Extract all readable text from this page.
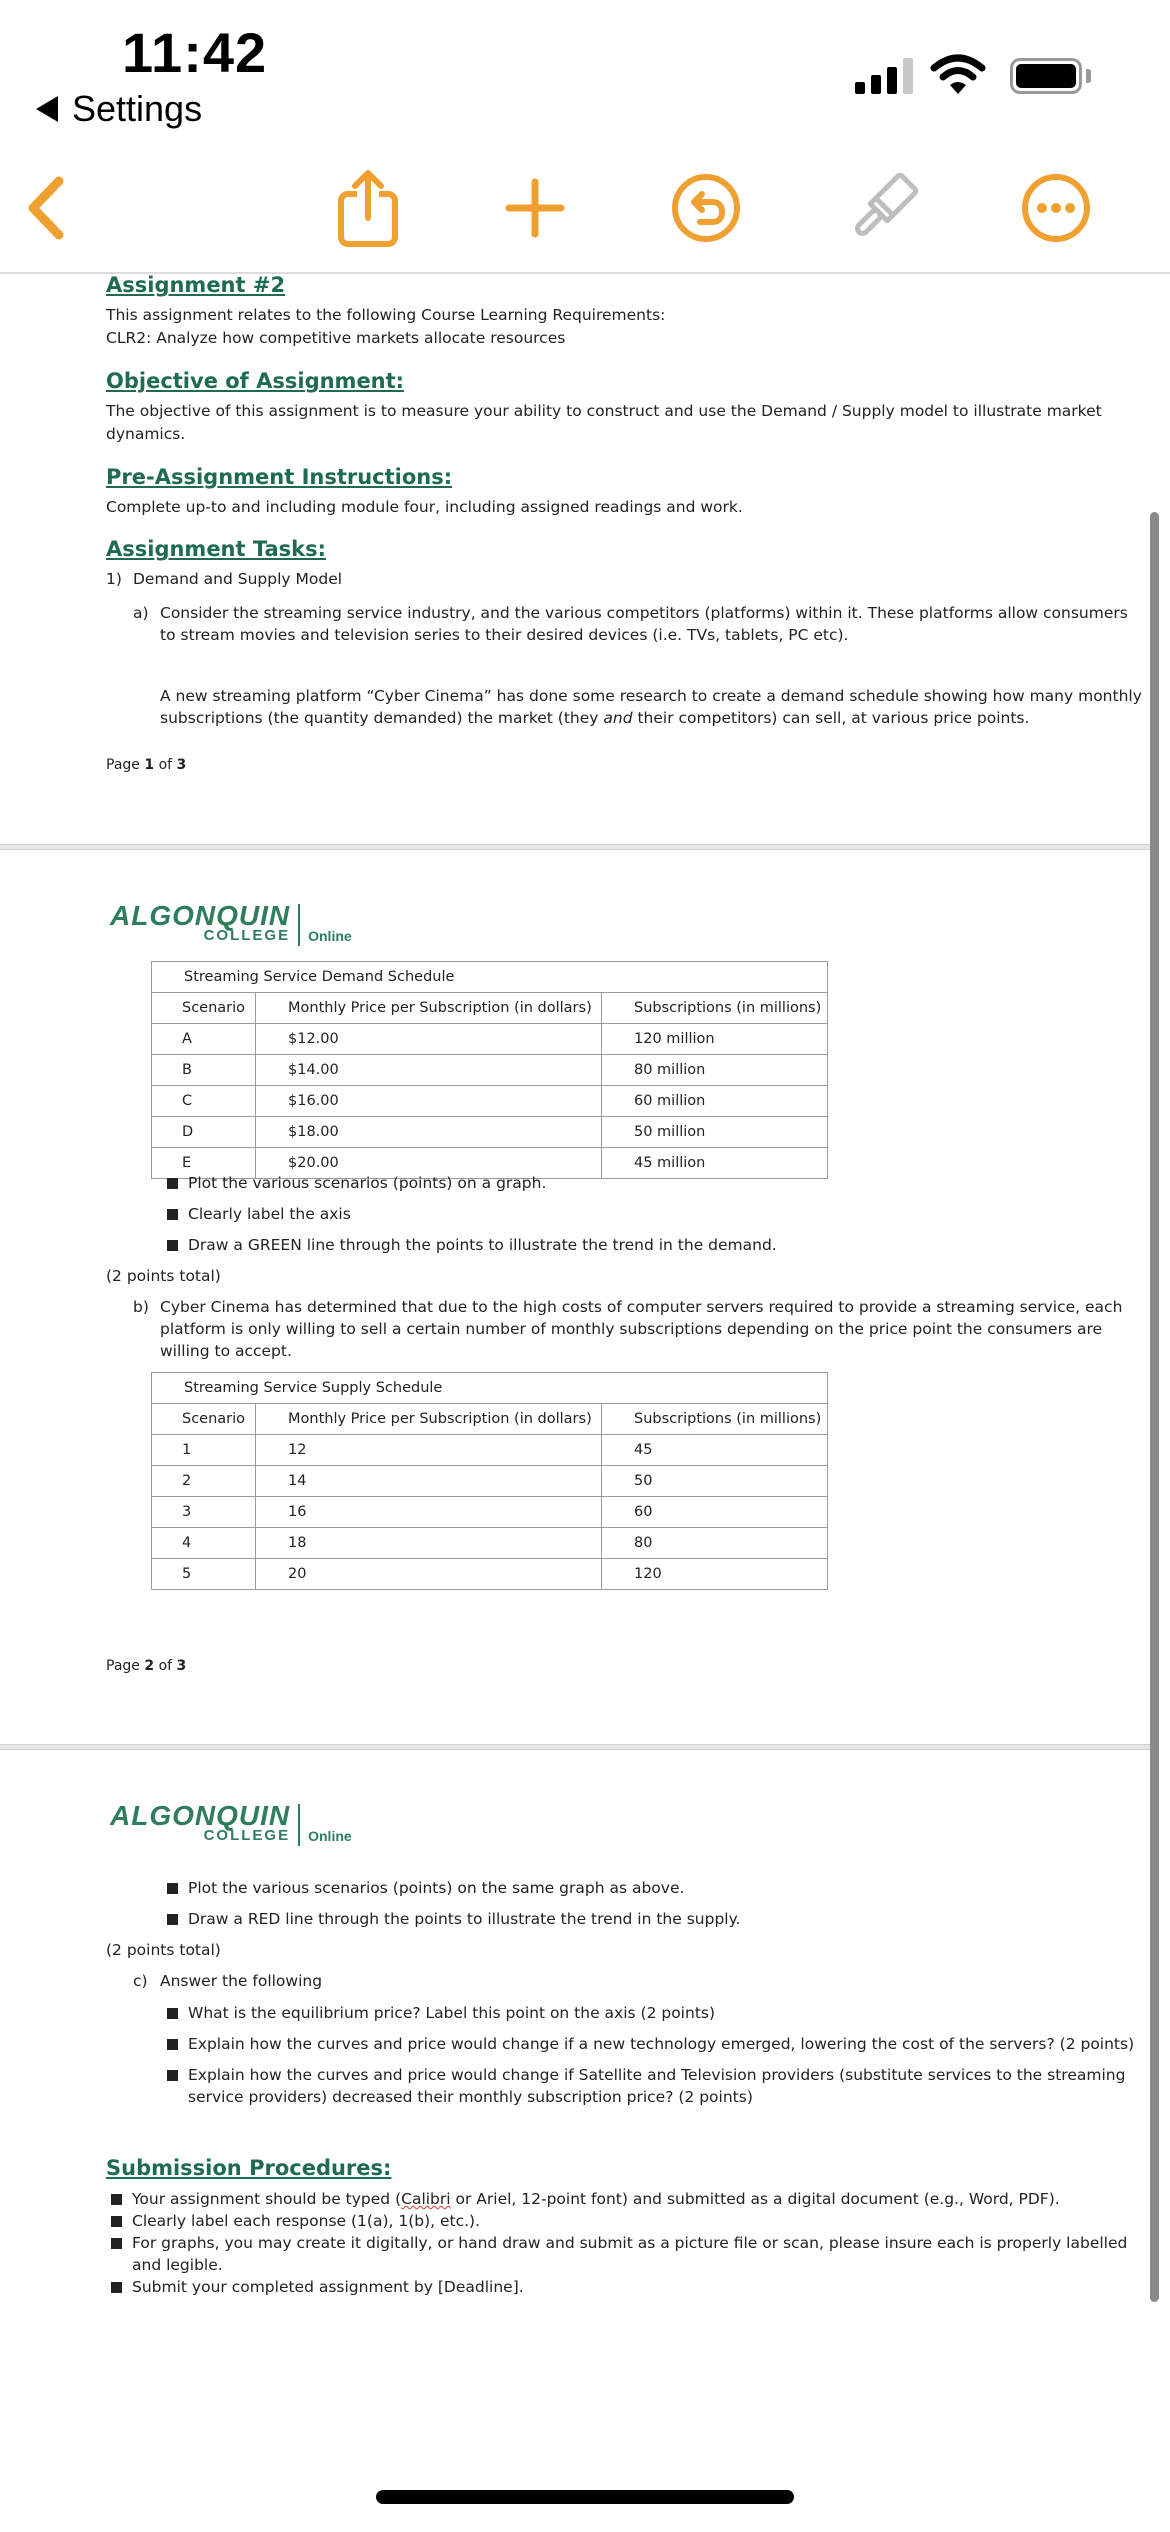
11:42
Settings
Assignment #2
This assignment relates to the following Course Learning Requirements:
CLR2: Analyze how competitive markets allocate resources
Objective of Assignment:
The objective of this assignment is to measure your ability to construct and use the Demand / Supply model to illustrate market
dynamics.
Pre-Assignment Instructions:
Complete up-to and including module four, including assigned readings and work.
Assignment Tasks:
1) Demand and Supply Model
a) Consider the streaming service industry, and the various competitors (platforms) within it. These platforms allow consumers
to stream movies and television series to their desired devices (i.e. TVs, tablets, PC etc).
A new streaming platform “Cyber Cinema” has done some research to create a demand schedule showing how many monthly
subscriptions (the quantity demanded) the market (they and their competitors) can sell, at various price points.
Page 1 of 3
ALGONQUIN
COLLEGE Online
Streaming Service Demand Schedule		
Scenario	Monthly Price per Subscription (in dollars)	Subscriptions (in millions)
A	$12.00	120 million
B	$14.00	80 million
C	$16.00	60 million
D	$18.00	50 million
E	$20.00	45 million
Plot the various scenarios (points) on a graph.
Clearly label the axis
Draw a GREEN line through the points to illustrate the trend in the demand.
(2 points total)
b) Cyber Cinema has determined that due to the high costs of computer servers required to provide a streaming service, each
platform is only willing to sell a certain number of monthly subscriptions depending on the price point the consumers are
willing to accept.
Streaming Service Supply Schedule		
Scenario	Monthly Price per Subscription (in dollars)	Subscriptions (in millions)
1	12	45
2	14	50
3	16	60
4	18	80
5	20	120
Page 2 of 3
ALGONQUIN
COLLEGE Online
Plot the various scenarios (points) on the same graph as above.
Draw a RED line through the points to illustrate the trend in the supply.
(2 points total)
c) Answer the following
What is the equilibrium price? Label this point on the axis (2 points)
Explain how the curves and price would change if a new technology emerged, lowering the cost of the servers? (2 points)
Explain how the curves and price would change if Satellite and Television providers (substitute services to the streaming
service providers) decreased their monthly subscription price? (2 points)
Submission Procedures:
Your assignment should be typed (Calibri or Ariel, 12-point font) and submitted as a digital document (e.g., Word, PDF).
Clearly label each response (1(a), 1(b), etc.).
For graphs, you may create it digitally, or hand draw and submit as a picture file or scan, please insure each is properly labelled
and legible.
Submit your completed assignment by [Deadline].
